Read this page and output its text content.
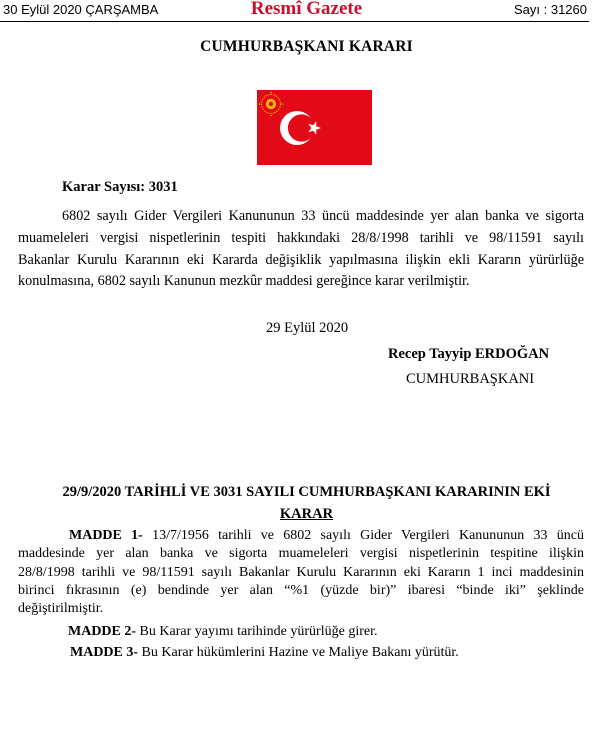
30 Eylül 2020 ÇARŞAMBA	Resmî Gazete	Sayı : 31260
CUMHURBAŞKANI KARARI
Karar Sayısı: 3031
6802 sayılı Gider Vergileri Kanununun 33 üncü maddesinde yer alan banka ve sigorta
muameleleri vergisi nispetlerinin tespiti hakkındaki 28/8/1998 tarihli ve 98/11591 sayılı
Bakanlar Kurulu Kararının eki Kararda değişiklik yapılmasına ilişkin ekli Kararın yürürlüğe
konulmasına, 6802 sayılı Kanunun mezkûr maddesi gereğince karar verilmiştir.
29 Eylül 2020
Recep Tayyip ERDOĞAN
CUMHURBAŞKANI
29/9/2020 TARİHLİ VE 3031 SAYILI CUMHURBAŞKANI KARARININ EKİ
KARAR
MADDE 1- 13/7/1956 tarihli ve 6802 sayılı Gider Vergileri Kanununun 33 üncü
maddesinde yer alan banka ve sigorta muameleleri vergisi nispetlerinin tespitine ilişkin
28/8/1998 tarihli ve 98/11591 sayılı Bakanlar Kurulu Kararının eki Kararın 1 inci maddesinin
birinci fıkrasının (e) bendinde yer alan “%1 (yüzde bir)” ibaresi “binde iki” şeklinde
değiştirilmiştir.
MADDE 2- Bu Karar yayımı tarihinde yürürlüğe girer.
MADDE 3- Bu Karar hükümlerini Hazine ve Maliye Bakanı yürütür.
